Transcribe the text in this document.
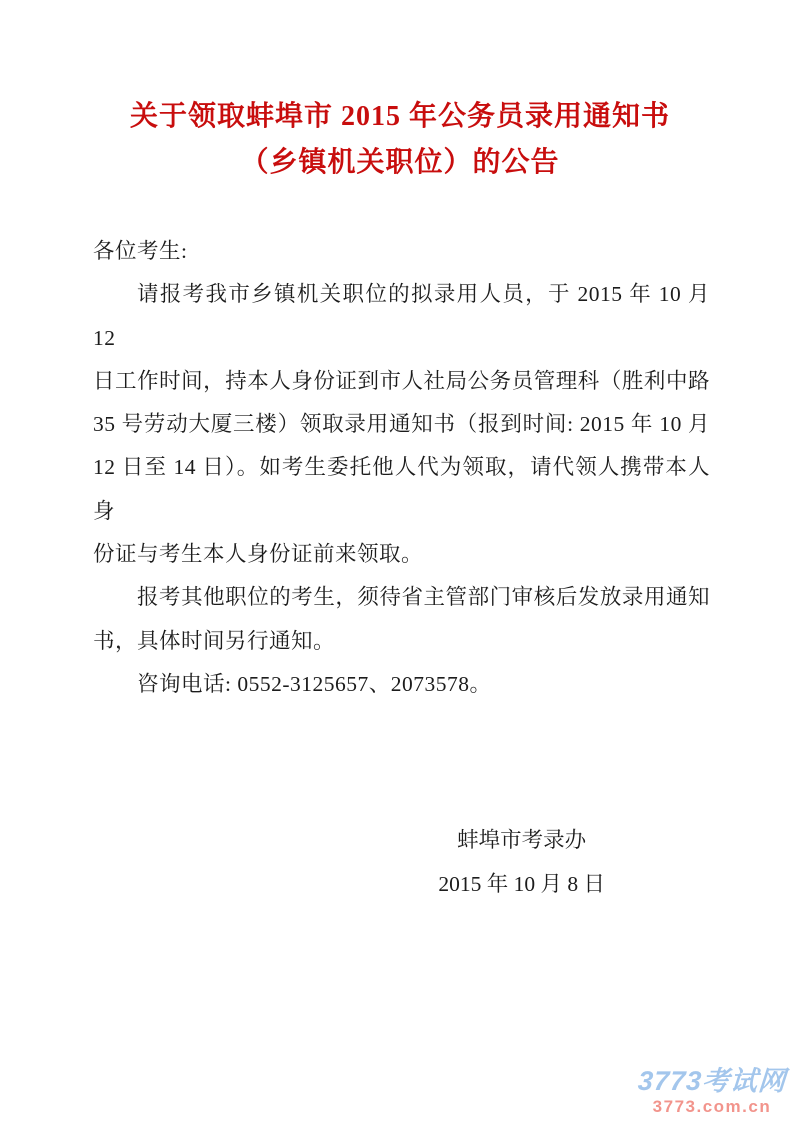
关于领取蚌埠市 2015 年公务员录用通知书
（乡镇机关职位）的公告
各位考生:
请报考我市乡镇机关职位的拟录用人员，于 2015 年 10 月 12
日工作时间，持本人身份证到市人社局公务员管理科（胜利中路
35 号劳动大厦三楼）领取录用通知书（报到时间: 2015 年 10 月
12 日至 14 日）。如考生委托他人代为领取，请代领人携带本人身
份证与考生本人身份证前来领取。
报考其他职位的考生，须待省主管部门审核后发放录用通知
书，具体时间另行通知。
咨询电话: 0552-3125657、2073578。
蚌埠市考录办
2015 年 10 月 8 日
3773考试网
3773.com.cn
